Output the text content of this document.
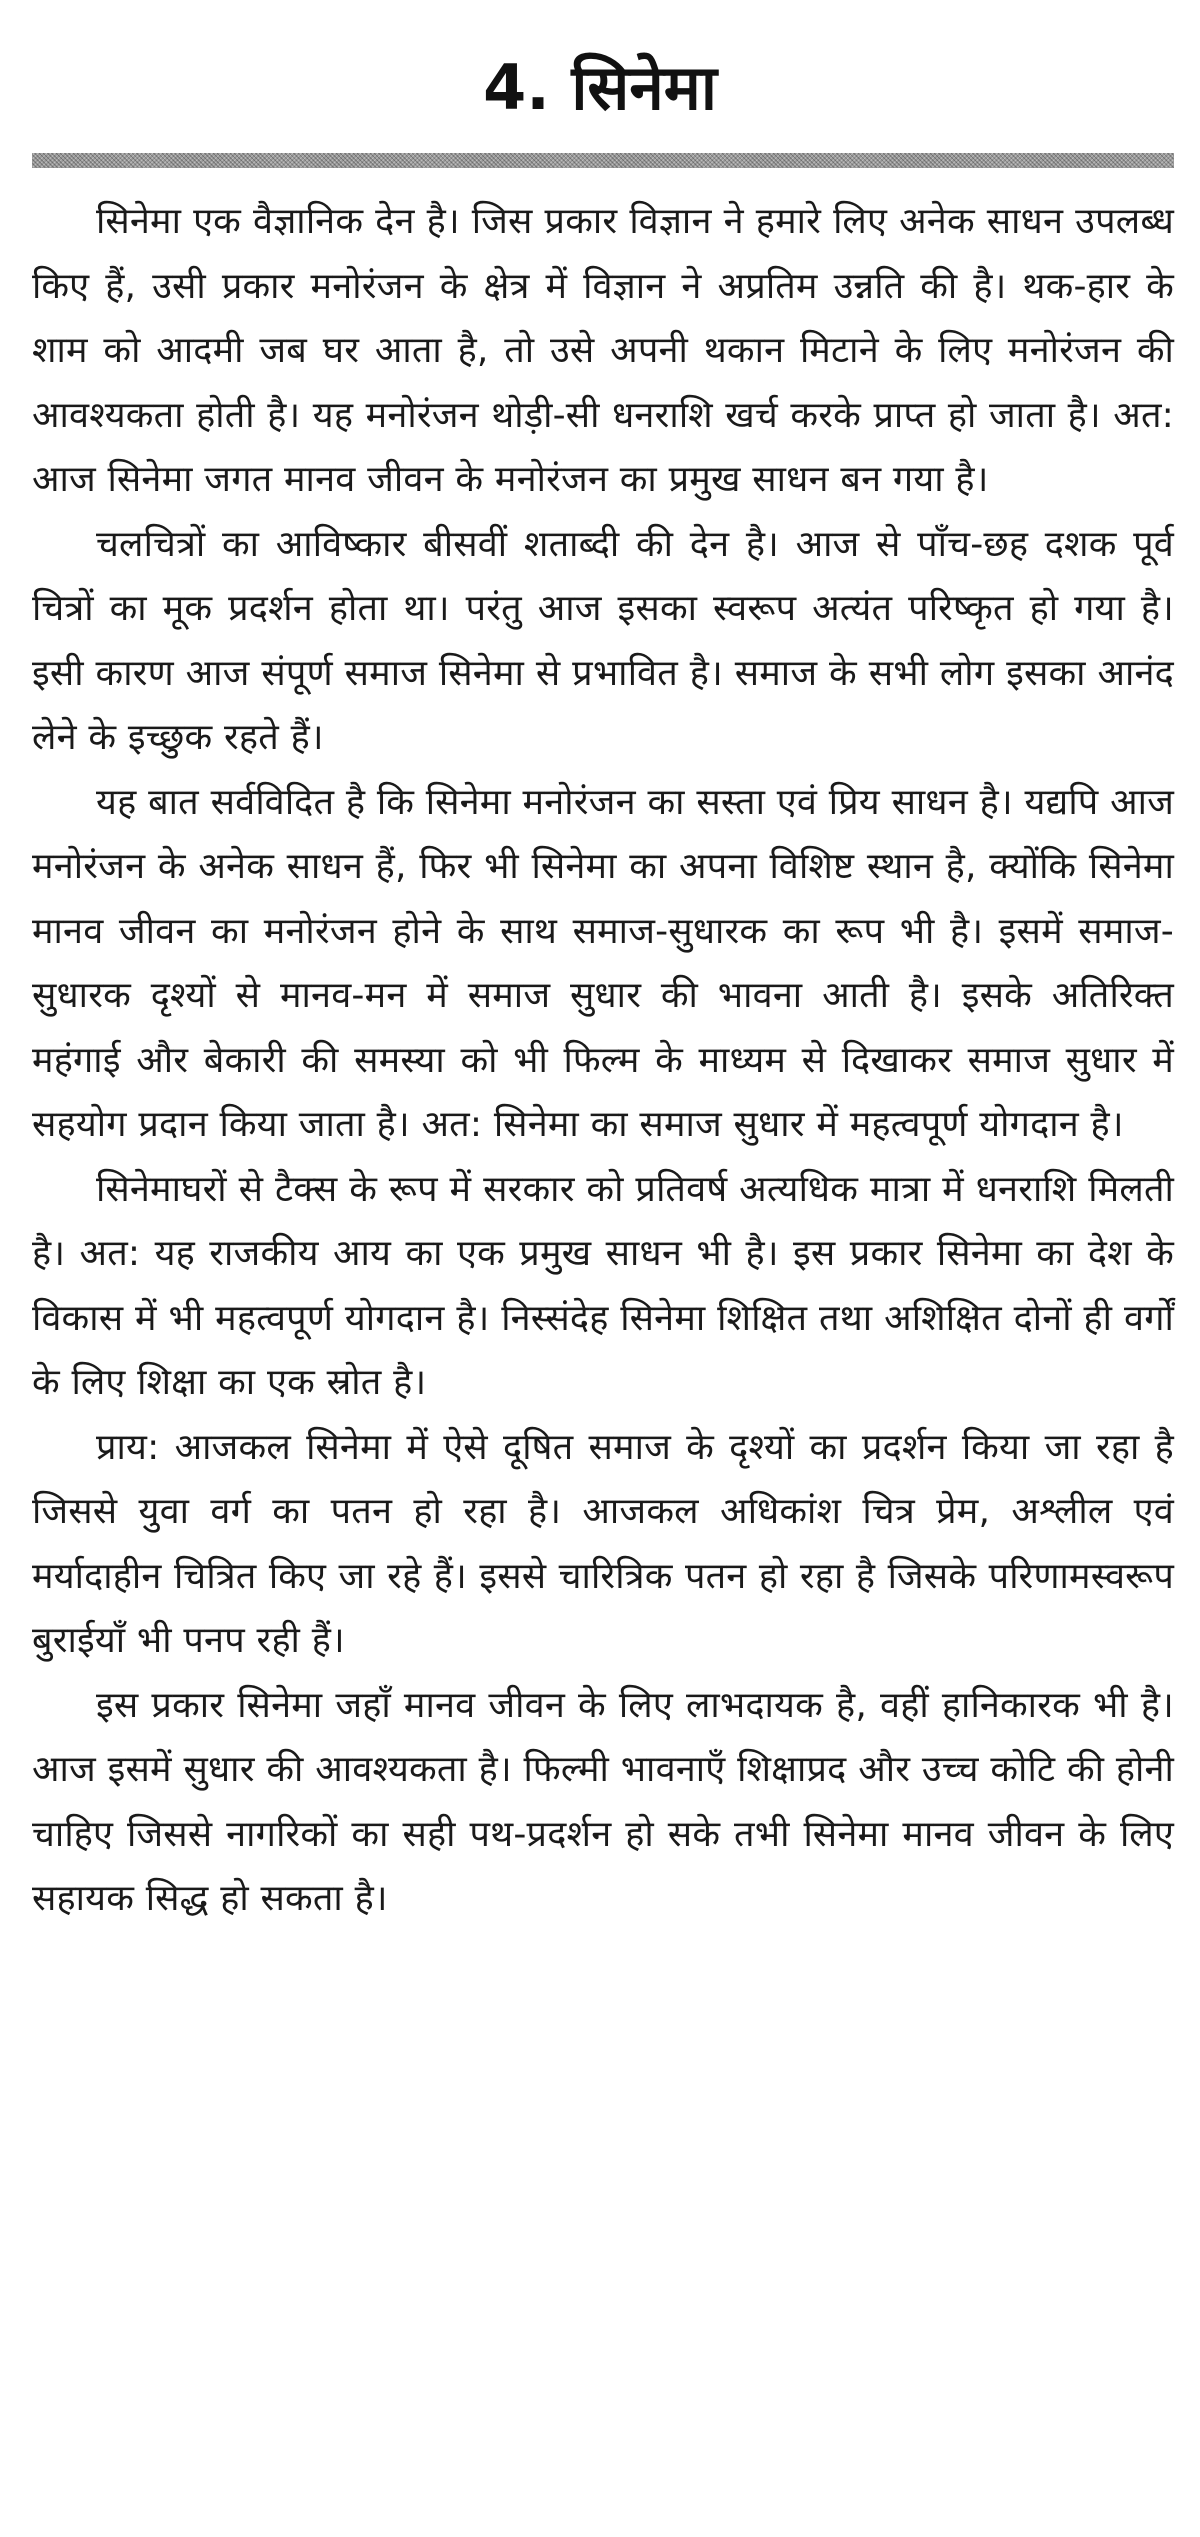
4. सिनेमा

सिनेमा एक वैज्ञानिक देन है। जिस प्रकार विज्ञान ने हमारे लिए अनेक साधन उपलब्ध किए हैं, उसी प्रकार मनोरंजन के क्षेत्र में विज्ञान ने अप्रतिम उन्नति की है। थक-हार के शाम को आदमी जब घर आता है, तो उसे अपनी थकान मिटाने के लिए मनोरंजन की आवश्यकता होती है। यह मनोरंजन थोड़ी-सी धनराशि खर्च करके प्राप्त हो जाता है। अत: आज सिनेमा जगत मानव जीवन के मनोरंजन का प्रमुख साधन बन गया है।

चलचित्रों का आविष्कार बीसवीं शताब्दी की देन है। आज से पाँच-छह दशक पूर्व चित्रों का मूक प्रदर्शन होता था। परंतु आज इसका स्वरूप अत्यंत परिष्कृत हो गया है। इसी कारण आज संपूर्ण समाज सिनेमा से प्रभावित है। समाज के सभी लोग इसका आनंद लेने के इच्छुक रहते हैं।

यह बात सर्वविदित है कि सिनेमा मनोरंजन का सस्ता एवं प्रिय साधन है। यद्यपि आज मनोरंजन के अनेक साधन हैं, फिर भी सिनेमा का अपना विशिष्ट स्थान है, क्योंकि सिनेमा मानव जीवन का मनोरंजन होने के साथ समाज-सुधारक का रूप भी है। इसमें समाज-सुधारक दृश्यों से मानव-मन में समाज सुधार की भावना आती है। इसके अतिरिक्त महंगाई और बेकारी की समस्या को भी फिल्म के माध्यम से दिखाकर समाज सुधार में सहयोग प्रदान किया जाता है। अत: सिनेमा का समाज सुधार में महत्वपूर्ण योगदान है।

सिनेमाघरों से टैक्स के रूप में सरकार को प्रतिवर्ष अत्यधिक मात्रा में धनराशि मिलती है। अत: यह राजकीय आय का एक प्रमुख साधन भी है। इस प्रकार सिनेमा का देश के विकास में भी महत्वपूर्ण योगदान है। निस्संदेह सिनेमा शिक्षित तथा अशिक्षित दोनों ही वर्गों के लिए शिक्षा का एक स्रोत है।

प्राय: आजकल सिनेमा में ऐसे दूषित समाज के दृश्यों का प्रदर्शन किया जा रहा है जिससे युवा वर्ग का पतन हो रहा है। आजकल अधिकांश चित्र प्रेम, अश्लील एवं मर्यादाहीन चित्रित किए जा रहे हैं। इससे चारित्रिक पतन हो रहा है जिसके परिणामस्वरूप बुराईयाँ भी पनप रही हैं।

इस प्रकार सिनेमा जहाँ मानव जीवन के लिए लाभदायक है, वहीं हानिकारक भी है। आज इसमें सुधार की आवश्यकता है। फिल्मी भावनाएँ शिक्षाप्रद और उच्च कोटि की होनी चाहिए जिससे नागरिकों का सही पथ-प्रदर्शन हो सके तभी सिनेमा मानव जीवन के लिए सहायक सिद्ध हो सकता है।
